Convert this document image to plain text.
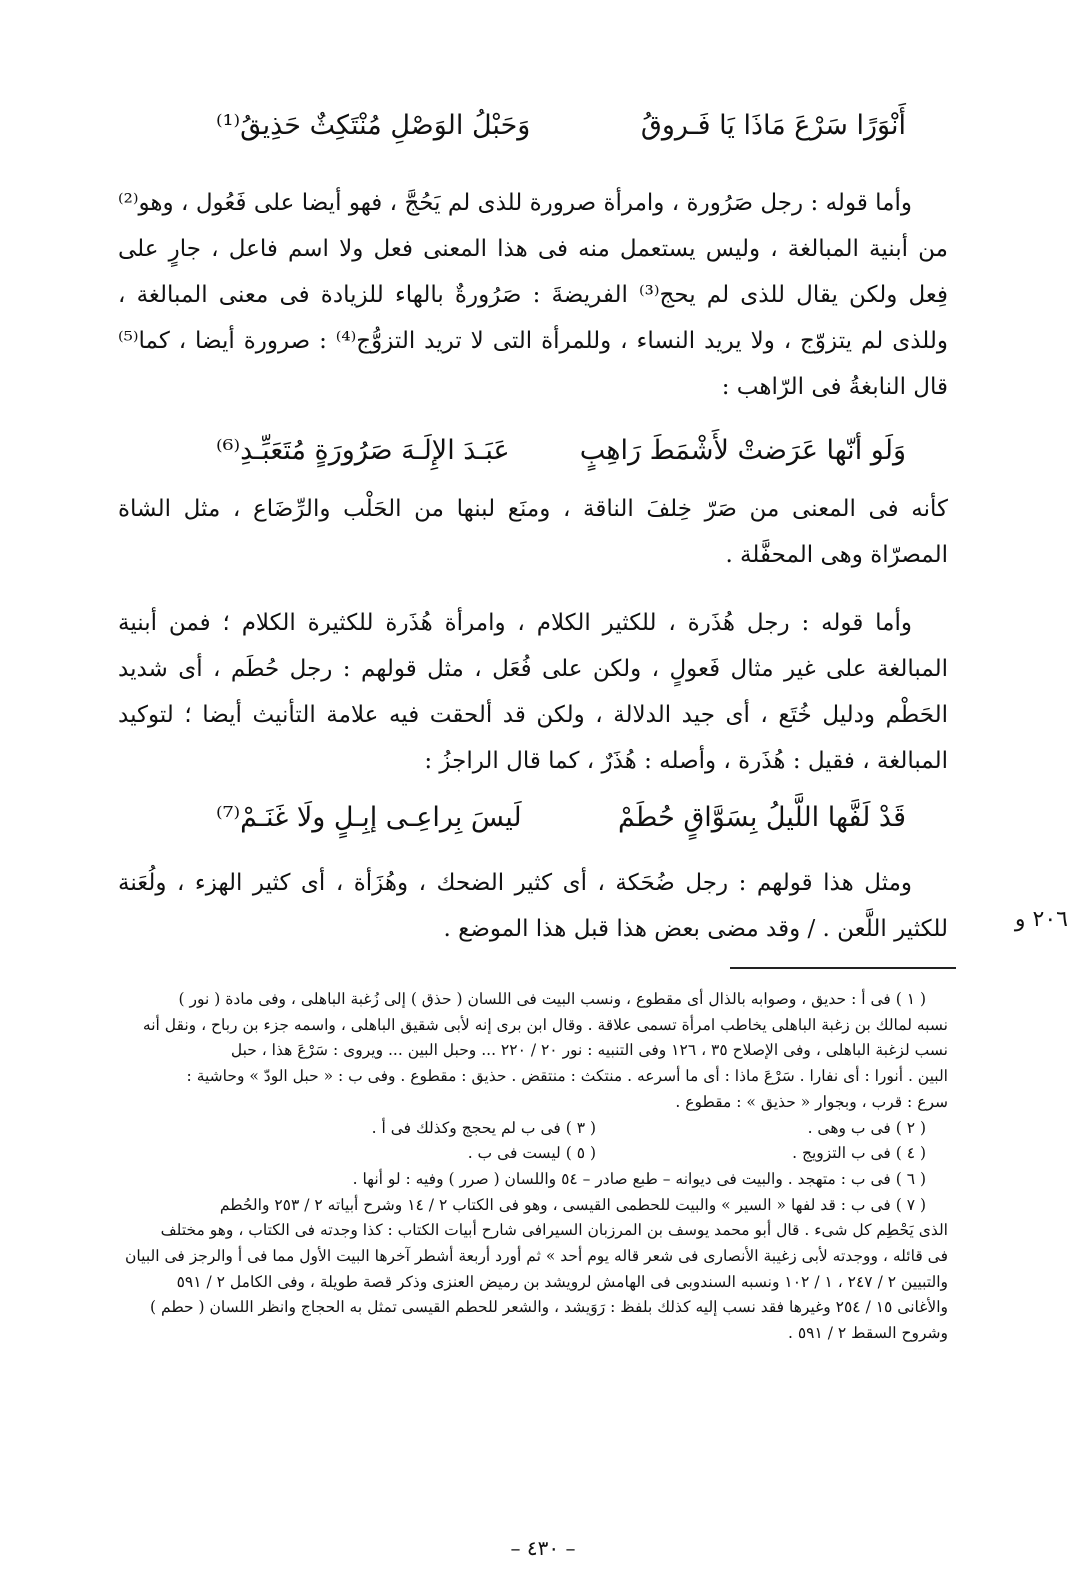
أَنْوَرًا سَرْعَ مَاذَا يَا فَـروقُ
وَحَبْلُ الوَصْلِ مُنْتَكِثٌ حَذِيقُ⁽¹⁾
وأما قوله : رجل صَرُورة ، وامرأة صرورة للذى لم يَحُجَّ ، فهو أيضا على فَعُول ، وهو⁽²⁾ من أبنية المبالغة ، وليس يستعمل منه فى هذا المعنى فعل ولا اسم فاعل ، جارٍ على فِعل ولكن يقال للذى لم يحج⁽³⁾ الفريضةَ : صَرُورةٌ بالهاء للزيادة فى معنى المبالغة ، وللذى لم يتزوّج ، ولا يريد النساء ، وللمرأة التى لا تريد التزوُّج⁽⁴⁾ : صرورة أيضا ، كما⁽⁵⁾ قال النابغةُ فى الرّاهب :
وَلَو أنّها عَرَضتْ لأَشْمَطَ رَاهِبٍ
عَبَـدَ الإِلَـهَ صَرُورَةٍ مُتَعَبِّـدِ⁽⁶⁾
كأنه فى المعنى من صَرّ خِلفَ الناقة ، ومنَع لبنها من الحَلْب والرِّضَاع ، مثل الشاة المصرّاة وهى المحفَّلة .
وأما قوله : رجل هُذَرة ، للكثير الكلام ، وامرأة هُذَرة للكثيرة الكلام ؛ فمن أبنية المبالغة على غير مثال فَعولٍ ، ولكن على فُعَل ، مثل قولهم : رجل حُطَم ، أى شديد الحَطْم ودليل خُتَع ، أى جيد الدلالة ، ولكن قد ألحقت فيه علامة التأنيث أيضا ؛ لتوكيد المبالغة ، فقيل : هُذَرة ، وأصله : هُذَرٌ ، كما قال الراجزُ :
قَدْ لَفَّها اللَّيلُ بِسَوَّاقٍ حُطَمْ
لَيسَ بِراعِـى إبِـلٍ ولَا غَنَـمْ⁽⁷⁾
ومثل هذا قولهم : رجل ضُحَكة ، أى كثير الضحك ، وهُزَأة ، أى كثير الهزء ، ولُعَنة للكثير اللَّعن . / وقد مضى بعض هذا قبل هذا الموضع .	٢٠٦ و
( ١ ) فى أ : حديق ، وصوابه بالذال أى مقطوع ، ونسب البيت فى اللسان ( حذق ) إلى زُغبة الباهلى ، وفى مادة ( نور )
نسبه لمالك بن زغبة الباهلى يخاطب امرأة تسمى علاقة . وقال ابن برى إنه لأبى شقيق الباهلى ، واسمه جزء بن رباح ، ونقل أنه
نسب لزغبة الباهلى ، وفى الإصلاح ٣٥ ، ١٢٦ وفى التنبيه : نور ٢٠ / ٢٢٠ ... وحبل البين ... ويروى : سَرْعَ هذا ، حبل
البين . أنورا : أى نفارا . سَرْعَ ماذا : أى ما أسرعه . منتكث : منتقض . حذيق : مقطوع . وفى ب : « حبل الودّ » وحاشية :
سرع : قرب ، وبجوار « حذيق » : مقطوع .
( ٢ ) فى ب وهى .
( ٣ ) فى ب لم يحجج وكذلك فى أ .
( ٤ ) فى ب التزويج .
( ٥ ) ليست فى ب .
( ٦ ) فى ب : متهجد . والبيت فى ديوانه – طبع صادر – ٥٤ واللسان ( صرر ) وفيه : لو أنها .
( ٧ ) فى ب : قد لفها « السير » والبيت للحطمى القيسى ، وهو فى الكتاب ٢ / ١٤ وشرح أبياته ٢ / ٢٥٣ والحُطم
الذى يَحْطِم كل شىء . قال أبو محمد يوسف بن المرزبان السيرافى شارح أبيات الكتاب : كذا وجدته فى الكتاب ، وهو مختلف
فى قائله ، ووجدته لأبى زغيبة الأنصارى فى شعر قاله يوم أحد » ثم أورد أربعة أشطر آخرها البيت الأول مما فى أ والرجز فى البيان
والتبيين ٢ / ٢٤٧ ، ١ / ١٠٢ ونسبه السندوبى فى الهامش لرويشد بن رميض العنزى وذكر قصة طويلة ، وفى الكامل ٢ / ٥٩١
والأغانى ١٥ / ٢٥٤ وغيرها فقد نسب إليه كذلك بلفظ : رَوَيشد ، والشعر للحطم القيسى تمثل به الحجاج وانظر اللسان ( حطم )
وشروح السقط ٢ / ٥٩١ .
– ٤٣٠ –
